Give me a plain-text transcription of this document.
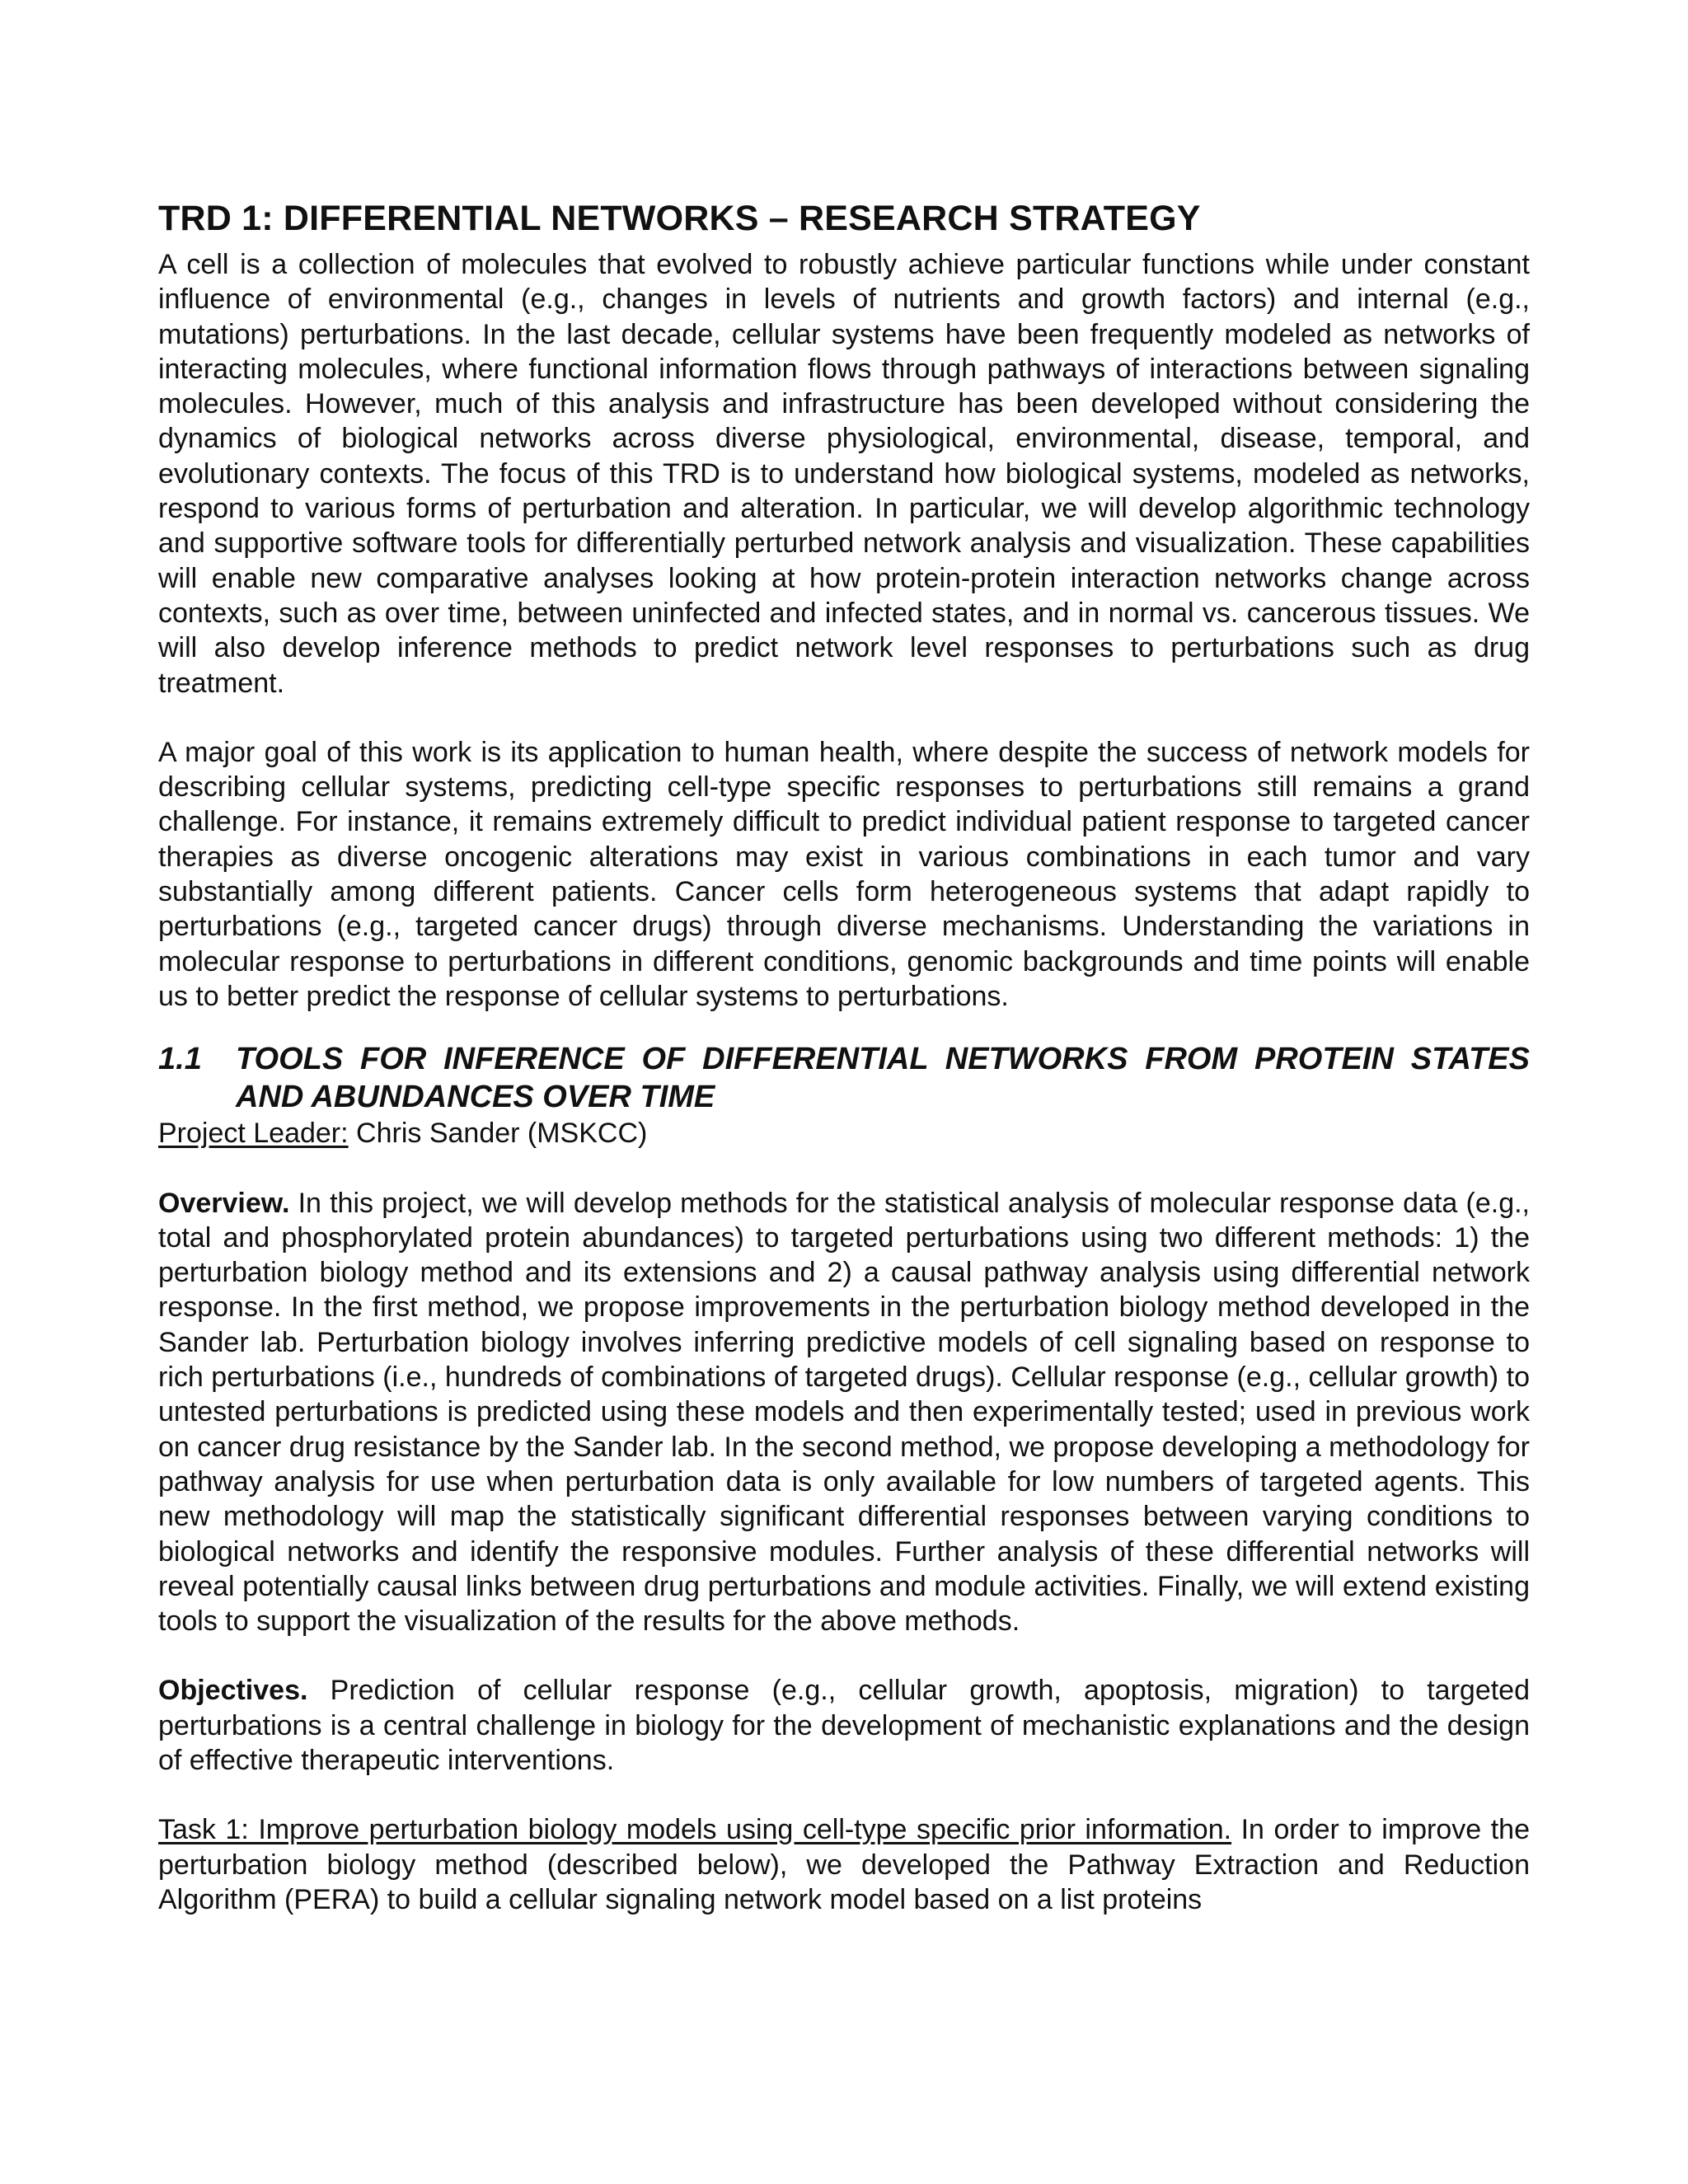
TRD 1: DIFFERENTIAL NETWORKS – RESEARCH STRATEGY

A cell is a collection of molecules that evolved to robustly achieve particular functions while under constant influence of environmental (e.g., changes in levels of nutrients and growth factors) and internal (e.g., mutations) perturbations. In the last decade, cellular systems have been frequently modeled as networks of interacting molecules, where functional information flows through pathways of interactions between signaling molecules. However, much of this analysis and infrastructure has been developed without considering the dynamics of biological networks across diverse physiological, environmental, disease, temporal, and evolutionary contexts. The focus of this TRD is to understand how biological systems, modeled as networks, respond to various forms of perturbation and alteration. In particular, we will develop algorithmic technology and supportive software tools for differentially perturbed network analysis and visualization. These capabilities will enable new comparative analyses looking at how protein-protein interaction networks change across contexts, such as over time, between uninfected and infected states, and in normal vs. cancerous tissues. We will also develop inference methods to predict network level responses to perturbations such as drug treatment.

A major goal of this work is its application to human health, where despite the success of network models for describing cellular systems, predicting cell-type specific responses to perturbations still remains a grand challenge. For instance, it remains extremely difficult to predict individual patient response to targeted cancer therapies as diverse oncogenic alterations may exist in various combinations in each tumor and vary substantially among different patients. Cancer cells form heterogeneous systems that adapt rapidly to perturbations (e.g., targeted cancer drugs) through diverse mechanisms. Understanding the variations in molecular response to perturbations in different conditions, genomic backgrounds and time points will enable us to better predict the response of cellular systems to perturbations.

1.1	TOOLS FOR INFERENCE OF DIFFERENTIAL NETWORKS FROM PROTEIN STATES AND ABUNDANCES OVER TIME

Project Leader: Chris Sander (MSKCC)

Overview. In this project, we will develop methods for the statistical analysis of molecular response data (e.g., total and phosphorylated protein abundances) to targeted perturbations using two different methods: 1) the perturbation biology method and its extensions and 2) a causal pathway analysis using differential network response. In the first method, we propose improvements in the perturbation biology method developed in the Sander lab. Perturbation biology involves inferring predictive models of cell signaling based on response to rich perturbations (i.e., hundreds of combinations of targeted drugs). Cellular response (e.g., cellular growth) to untested perturbations is predicted using these models and then experimentally tested; used in previous work on cancer drug resistance by the Sander lab. In the second method, we propose developing a methodology for pathway analysis for use when perturbation data is only available for low numbers of targeted agents. This new methodology will map the statistically significant differential responses between varying conditions to biological networks and identify the responsive modules. Further analysis of these differential networks will reveal potentially causal links between drug perturbations and module activities. Finally, we will extend existing tools to support the visualization of the results for the above methods.

Objectives. Prediction of cellular response (e.g., cellular growth, apoptosis, migration) to targeted perturbations is a central challenge in biology for the development of mechanistic explanations and the design of effective therapeutic interventions.

Task 1: Improve perturbation biology models using cell-type specific prior information. In order to improve the perturbation biology method (described below), we developed the Pathway Extraction and Reduction Algorithm (PERA) to build a cellular signaling network model based on a list proteins
